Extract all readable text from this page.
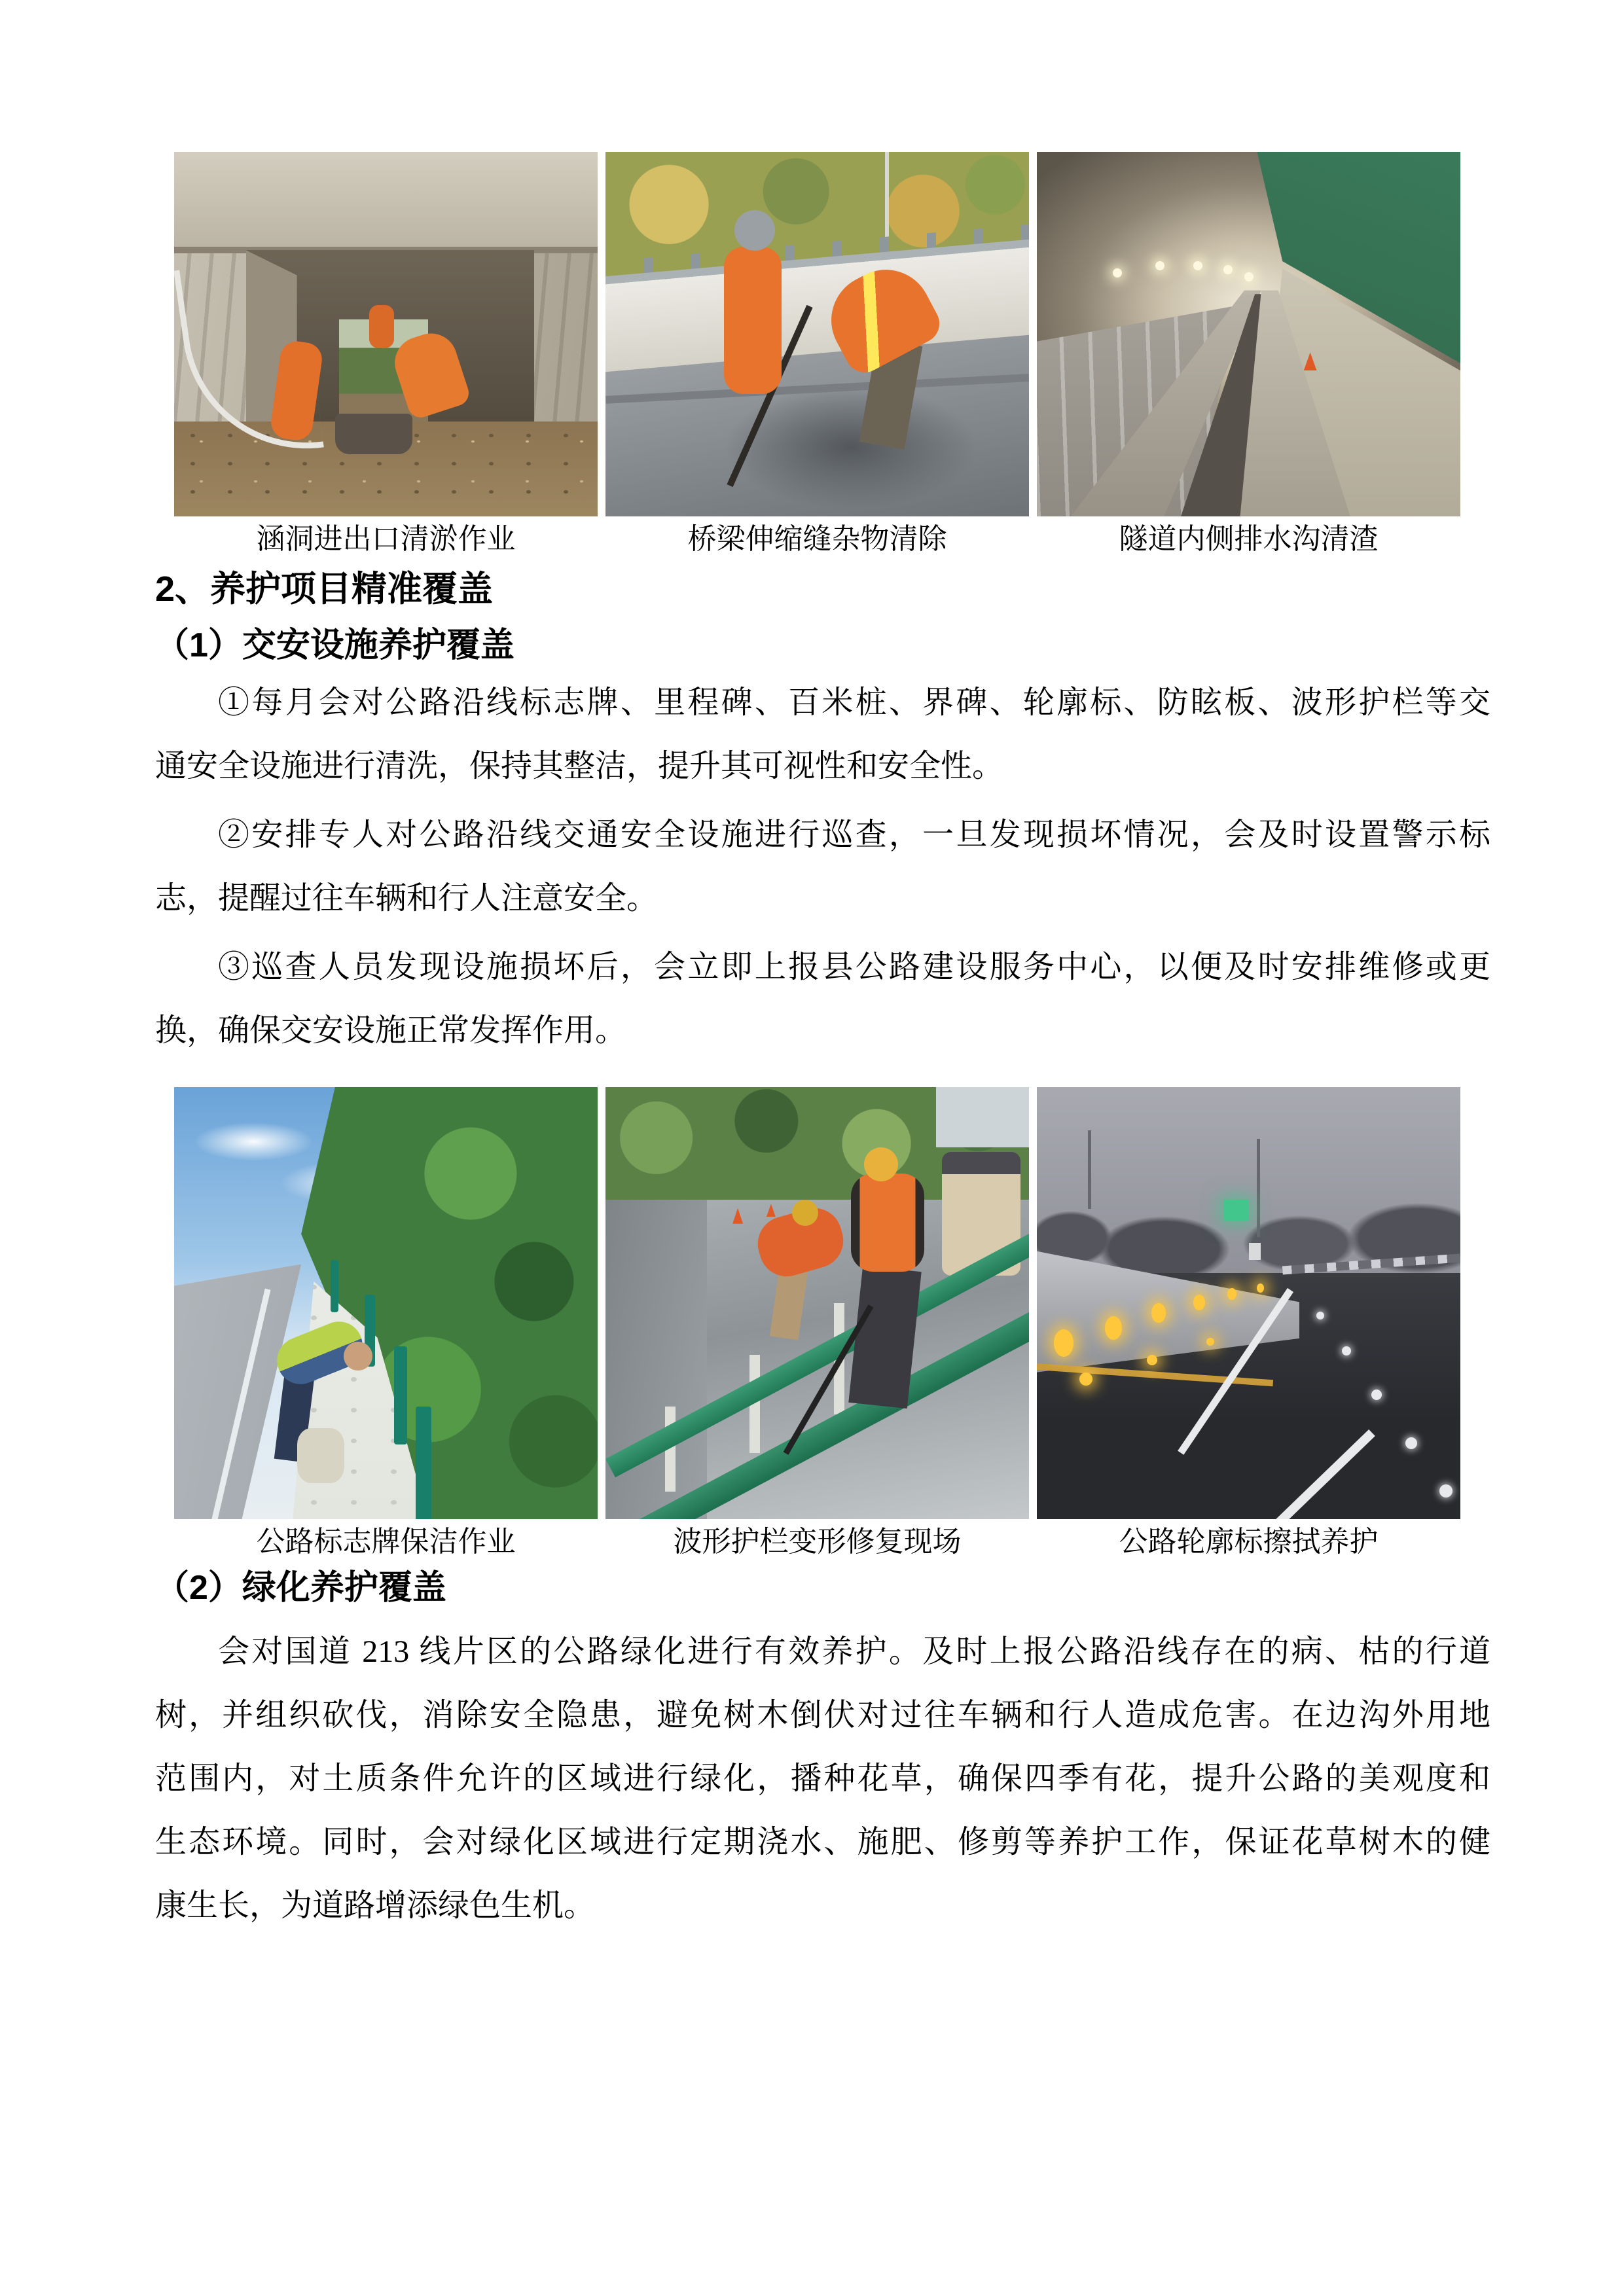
涵洞进出口清淤作业	桥梁伸缩缝杂物清除	隧道内侧排水沟清渣
2、养护项目精准覆盖
（1）交安设施养护覆盖
①每月会对公路沿线标志牌、里程碑、百米桩、界碑、轮廓标、防眩板、波形护栏等交
通安全设施进行清洗，保持其整洁，提升其可视性和安全性。
②安排专人对公路沿线交通安全设施进行巡查，一旦发现损坏情况，会及时设置警示标
志，提醒过往车辆和行人注意安全。
③巡查人员发现设施损坏后，会立即上报县公路建设服务中心，以便及时安排维修或更
换，确保交安设施正常发挥作用。
公路标志牌保洁作业	波形护栏变形修复现场	公路轮廓标擦拭养护
（2）绿化养护覆盖
会对国道 213 线片区的公路绿化进行有效养护。及时上报公路沿线存在的病、枯的行道
树，并组织砍伐，消除安全隐患，避免树木倒伏对过往车辆和行人造成危害。在边沟外用地
范围内，对土质条件允许的区域进行绿化，播种花草，确保四季有花，提升公路的美观度和
生态环境。同时，会对绿化区域进行定期浇水、施肥、修剪等养护工作，保证花草树木的健
康生长，为道路增添绿色生机。
